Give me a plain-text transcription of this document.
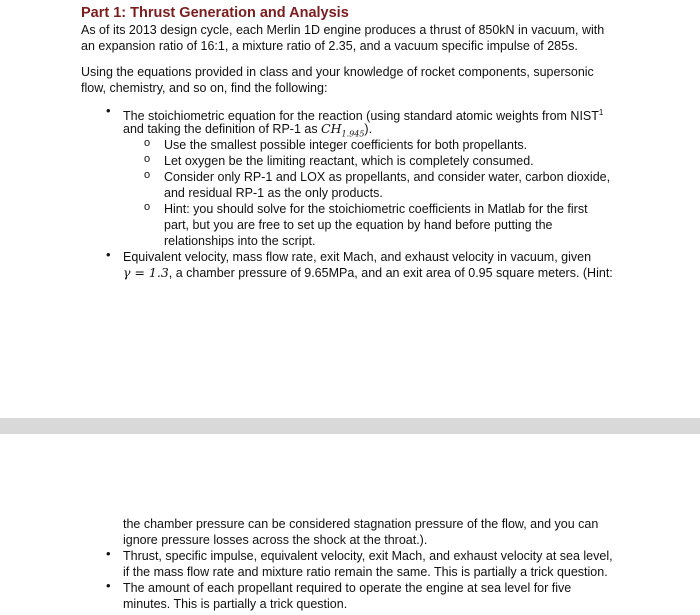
Part 1: Thrust Generation and Analysis
As of its 2013 design cycle, each Merlin 1D engine produces a thrust of 850kN in vacuum, with
an expansion ratio of 16:1, a mixture ratio of 2.35, and a vacuum specific impulse of 285s.
Using the equations provided in class and your knowledge of rocket components, supersonic
flow, chemistry, and so on, find the following:
• The stoichiometric equation for the reaction (using standard atomic weights from NIST$^1$
and taking the definition of RP-1 as $CH_{1.945}$).
o Use the smallest possible integer coefficients for both propellants.
o Let oxygen be the limiting reactant, which is completely consumed.
o Consider only RP-1 and LOX as propellants, and consider water, carbon dioxide,
and residual RP-1 as the only products.
o Hint: you should solve for the stoichiometric coefficients in Matlab for the first
part, but you are free to set up the equation by hand before putting the
relationships into the script.
• Equivalent velocity, mass flow rate, exit Mach, and exhaust velocity in vacuum, given
γ = 1.3, a chamber pressure of 9.65MPa, and an exit area of 0.95 square meters. (Hint:
the chamber pressure can be considered stagnation pressure of the flow, and you can
ignore pressure losses across the shock at the throat.).
• Thrust, specific impulse, equivalent velocity, exit Mach, and exhaust velocity at sea level,
if the mass flow rate and mixture ratio remain the same. This is partially a trick question.
• The amount of each propellant required to operate the engine at sea level for five
minutes. This is partially a trick question.
